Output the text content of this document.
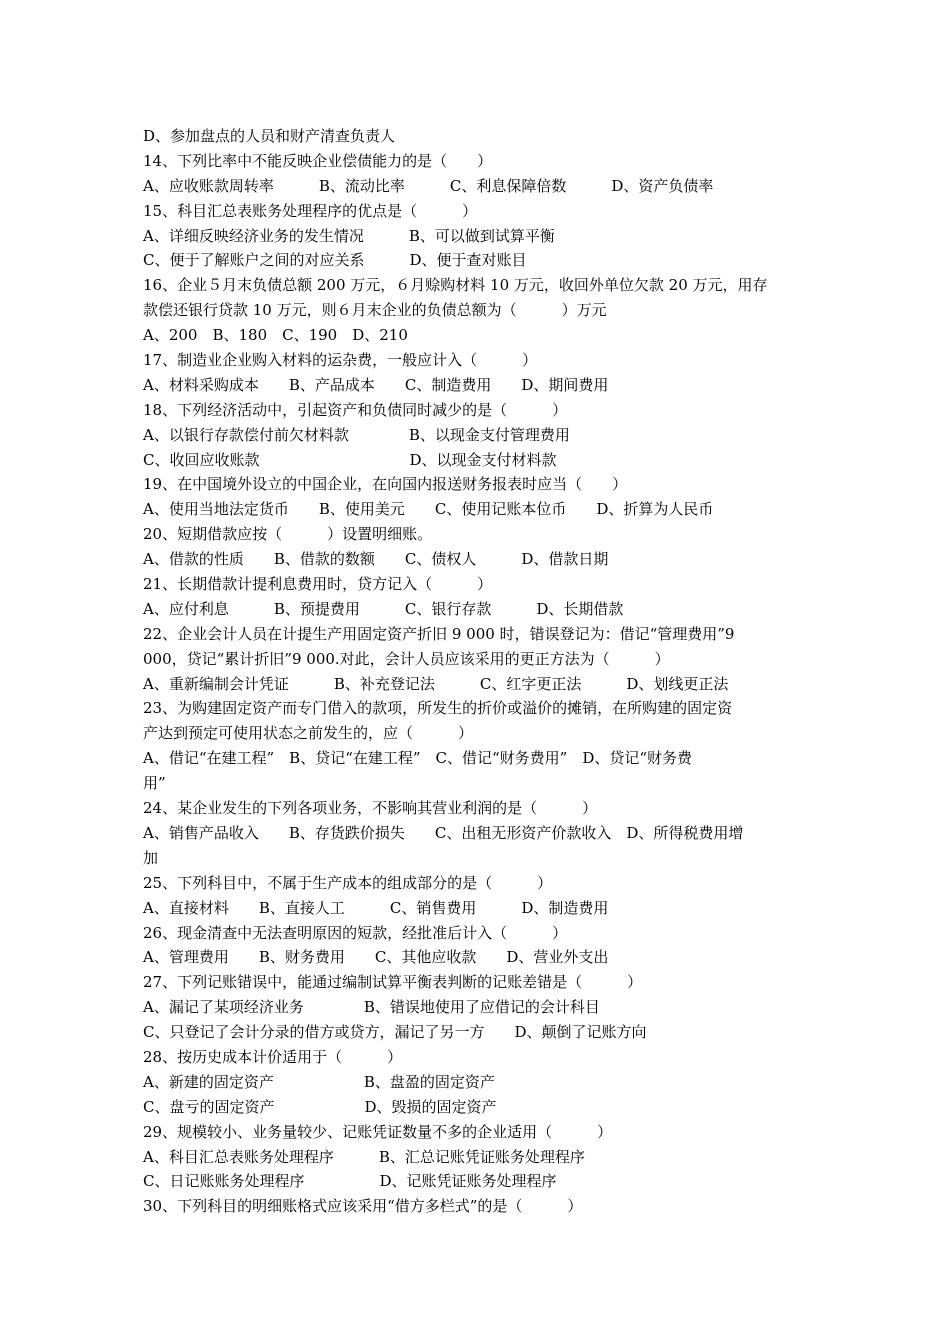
D、参加盘点的人员和财产清查负责人
14、下列比率中不能反映企业偿债能力的是（　　）
A、应收账款周转率　　　B、流动比率　　　C、利息保障倍数　　　D、资产负债率
15、科目汇总表账务处理程序的优点是（　　　）
A、详细反映经济业务的发生情况　　　B、可以做到试算平衡
C、便于了解账户之间的对应关系　　　D、便于查对账目
16、企业５月末负债总额 200 万元，６月赊购材料 10 万元，收回外单位欠款 20 万元，用存
款偿还银行贷款 10 万元，则６月末企业的负债总额为（　　　）万元
A、200　B、180　C、190　D、210
17、制造业企业购入材料的运杂费，一般应计入（　　　）
A、材料采购成本　　B、产品成本　　C、制造费用　　D、期间费用
18、下列经济活动中，引起资产和负债同时减少的是（　　　）
A、以银行存款偿付前欠材料款　　　　B、以现金支付管理费用
C、收回应收账款　　　　　　　　　　D、以现金支付材料款
19、在中国境外设立的中国企业，在向国内报送财务报表时应当（　　）
A、使用当地法定货币　　B、使用美元　　C、使用记账本位币　　D、折算为人民币
20、短期借款应按（　　　）设置明细账。
A、借款的性质　　B、借款的数额　　C、债权人　　　D、借款日期
21、长期借款计提利息费用时，贷方记入（　　　）
A、应付利息　　　B、预提费用　　　C、银行存款　　　D、长期借款
22、企业会计人员在计提生产用固定资产折旧 9 000 时，错误登记为：借记“管理费用”9
000，贷记“累计折旧”9 000.对此，会计人员应该采用的更正方法为（　　　）
A、重新编制会计凭证　　　B、补充登记法　　　C、红字更正法　　　D、划线更正法
23、为购建固定资产而专门借入的款项，所发生的折价或溢价的摊销，在所购建的固定资
产达到预定可使用状态之前发生的，应（　　　）
A、借记“在建工程”　B、贷记“在建工程”　C、借记“财务费用”　D、贷记“财务费
用”
24、某企业发生的下列各项业务，不影响其营业利润的是（　　　）
A、销售产品收入　　B、存货跌价损失　　C、出租无形资产价款收入　D、所得税费用增
加
25、下列科目中，不属于生产成本的组成部分的是（　　　）
A、直接材料　　B、直接人工　　　C、销售费用　　　D、制造费用
26、现金清查中无法查明原因的短款，经批准后计入（　　　）
A、管理费用　　B、财务费用　　C、其他应收款　　D、营业外支出
27、下列记账错误中，能通过编制试算平衡表判断的记账差错是（　　　）
A、漏记了某项经济业务　　　　B、错误地使用了应借记的会计科目
C、只登记了会计分录的借方或贷方，漏记了另一方　　D、颠倒了记账方向
28、按历史成本计价适用于（　　　）
A、新建的固定资产　　　　　　B、盘盈的固定资产
C、盘亏的固定资产　　　　　　D、毁损的固定资产
29、规模较小、业务量较少、记账凭证数量不多的企业适用（　　　）
A、科目汇总表账务处理程序　　　B、汇总记账凭证账务处理程序
C、日记账账务处理程序　　　　　D、记账凭证账务处理程序
30、下列科目的明细账格式应该采用“借方多栏式”的是（　　　）
